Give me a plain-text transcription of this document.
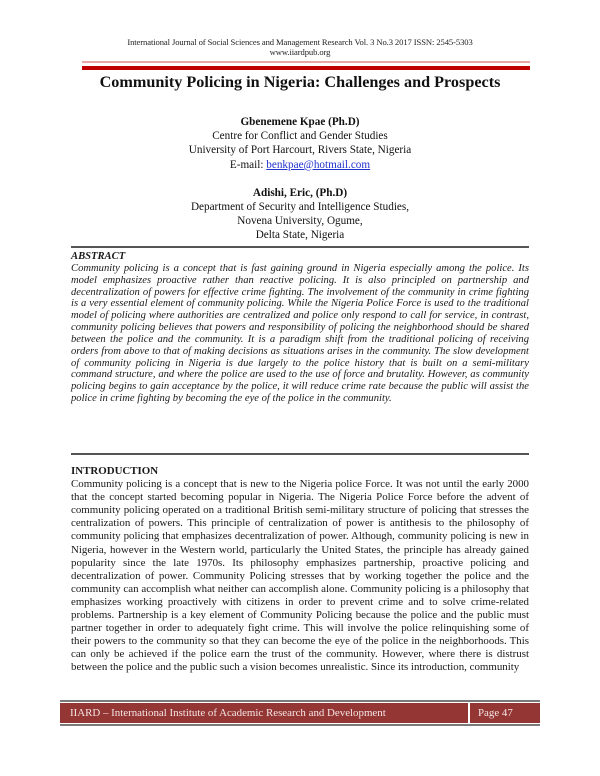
International Journal of Social Sciences and Management Research Vol. 3 No.3 2017 ISSN: 2545-5303
www.iiardpub.org
Community Policing in Nigeria: Challenges and Prospects
Gbenemene Kpae (Ph.D)
Centre for Conflict and Gender Studies
University of Port Harcourt, Rivers State, Nigeria
E-mail: benkpae@hotmail.com
Adishi, Eric, (Ph.D)
Department of Security and Intelligence Studies,
Novena University, Ogume,
Delta State, Nigeria
ABSTRACT
Community policing is a concept that is fast gaining ground in Nigeria especially among the police. Its model emphasizes proactive rather than reactive policing. It is also principled on partnership and decentralization of powers for effective crime fighting. The involvement of the community in crime fighting is a very essential element of community policing. While the Nigeria Police Force is used to the traditional model of policing where authorities are centralized and police only respond to call for service, in contrast, community policing believes that powers and responsibility of policing the neighborhood should be shared between the police and the community. It is a paradigm shift from the traditional policing of receiving orders from above to that of making decisions as situations arises in the community. The slow development of community policing in Nigeria is due largely to the police history that is built on a semi-military command structure, and where the police are used to the use of force and brutality. However, as community policing begins to gain acceptance by the police, it will reduce crime rate because the public will assist the police in crime fighting by becoming the eye of the police in the community.
INTRODUCTION
Community policing is a concept that is new to the Nigeria police Force. It was not until the early 2000 that the concept started becoming popular in Nigeria. The Nigeria Police Force before the advent of community policing operated on a traditional British semi-military structure of policing that stresses the centralization of powers. This principle of centralization of power is antithesis to the philosophy of community policing that emphasizes decentralization of power. Although, community policing is new in Nigeria, however in the Western world, particularly the United States, the principle has already gained popularity since the late 1970s. Its philosophy emphasizes partnership, proactive policing and decentralization of power. Community Policing stresses that by working together the police and the community can accomplish what neither can accomplish alone. Community policing is a philosophy that emphasizes working proactively with citizens in order to prevent crime and to solve crime-related problems. Partnership is a key element of Community Policing because the police and the public must partner together in order to adequately fight crime. This will involve the police relinquishing some of their powers to the community so that they can become the eye of the police in the neighborhoods. This can only be achieved if the police earn the trust of the community. However, where there is distrust between the police and the public such a vision becomes unrealistic. Since its introduction, community
IIARD – International Institute of Academic Research and Development	Page 47
